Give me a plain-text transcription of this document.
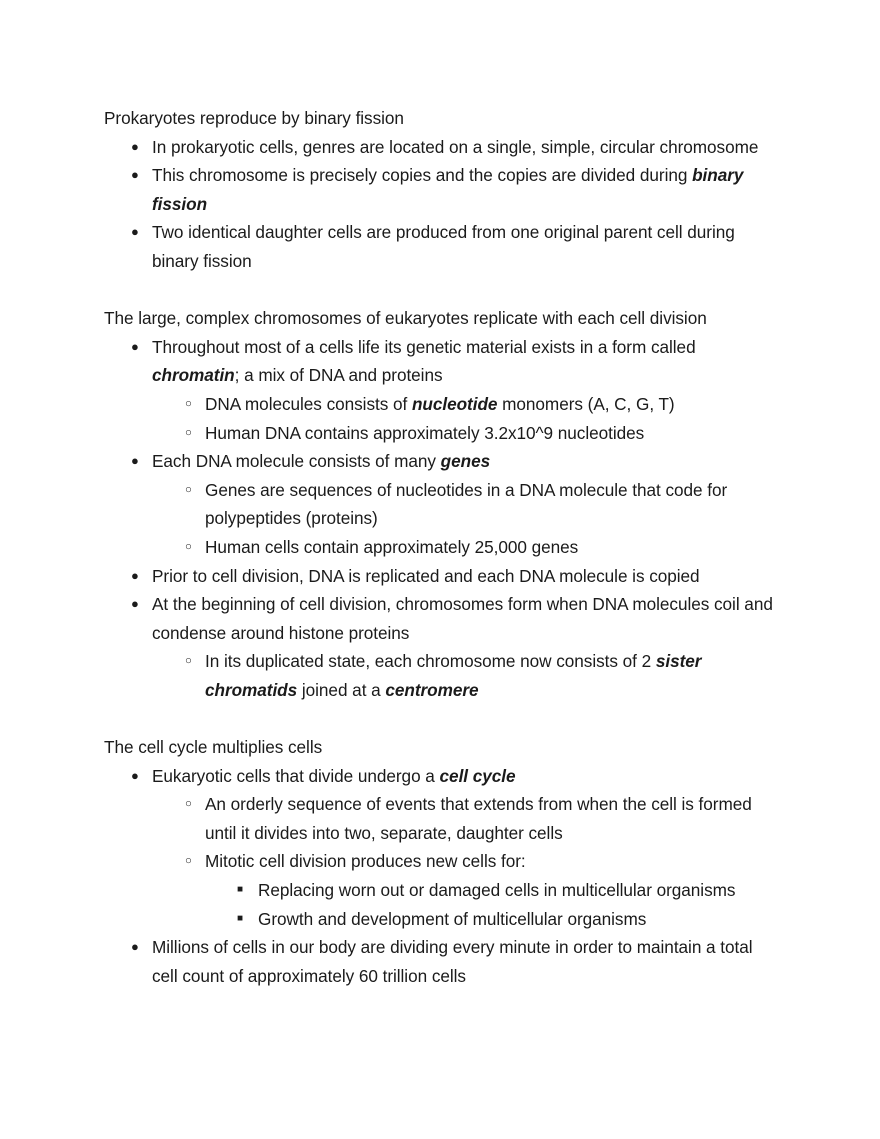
Prokaryotes reproduce by binary fission
●
In prokaryotic cells, genres are located on a single, simple, circular chromosome
●
This chromosome is precisely copies and the copies are divided during binary fission
●
Two identical daughter cells are produced from one original parent cell during binary fission
The large, complex chromosomes of eukaryotes replicate with each cell division
●
Throughout most of a cells life its genetic material exists in a form called chromatin; a mix of DNA and proteins
○
DNA molecules consists of nucleotide monomers (A, C, G, T)
○
Human DNA contains approximately 3.2x10^9 nucleotides
●
Each DNA molecule consists of many genes
○
Genes are sequences of nucleotides in a DNA molecule that code for polypeptides (proteins)
○
Human cells contain approximately 25,000 genes
●
Prior to cell division, DNA is replicated and each DNA molecule is copied
●
At the beginning of cell division, chromosomes form when DNA molecules coil and condense around histone proteins
○
In its duplicated state, each chromosome now consists of 2 sister chromatids joined at a centromere
The cell cycle multiplies cells
●
Eukaryotic cells that divide undergo a cell cycle
○
An orderly sequence of events that extends from when the cell is formed until it divides into two, separate, daughter cells
○
Mitotic cell division produces new cells for:
■
Replacing worn out or damaged cells in multicellular organisms
■
Growth and development of multicellular organisms
●
Millions of cells in our body are dividing every minute in order to maintain a total cell count of approximately 60 trillion cells
